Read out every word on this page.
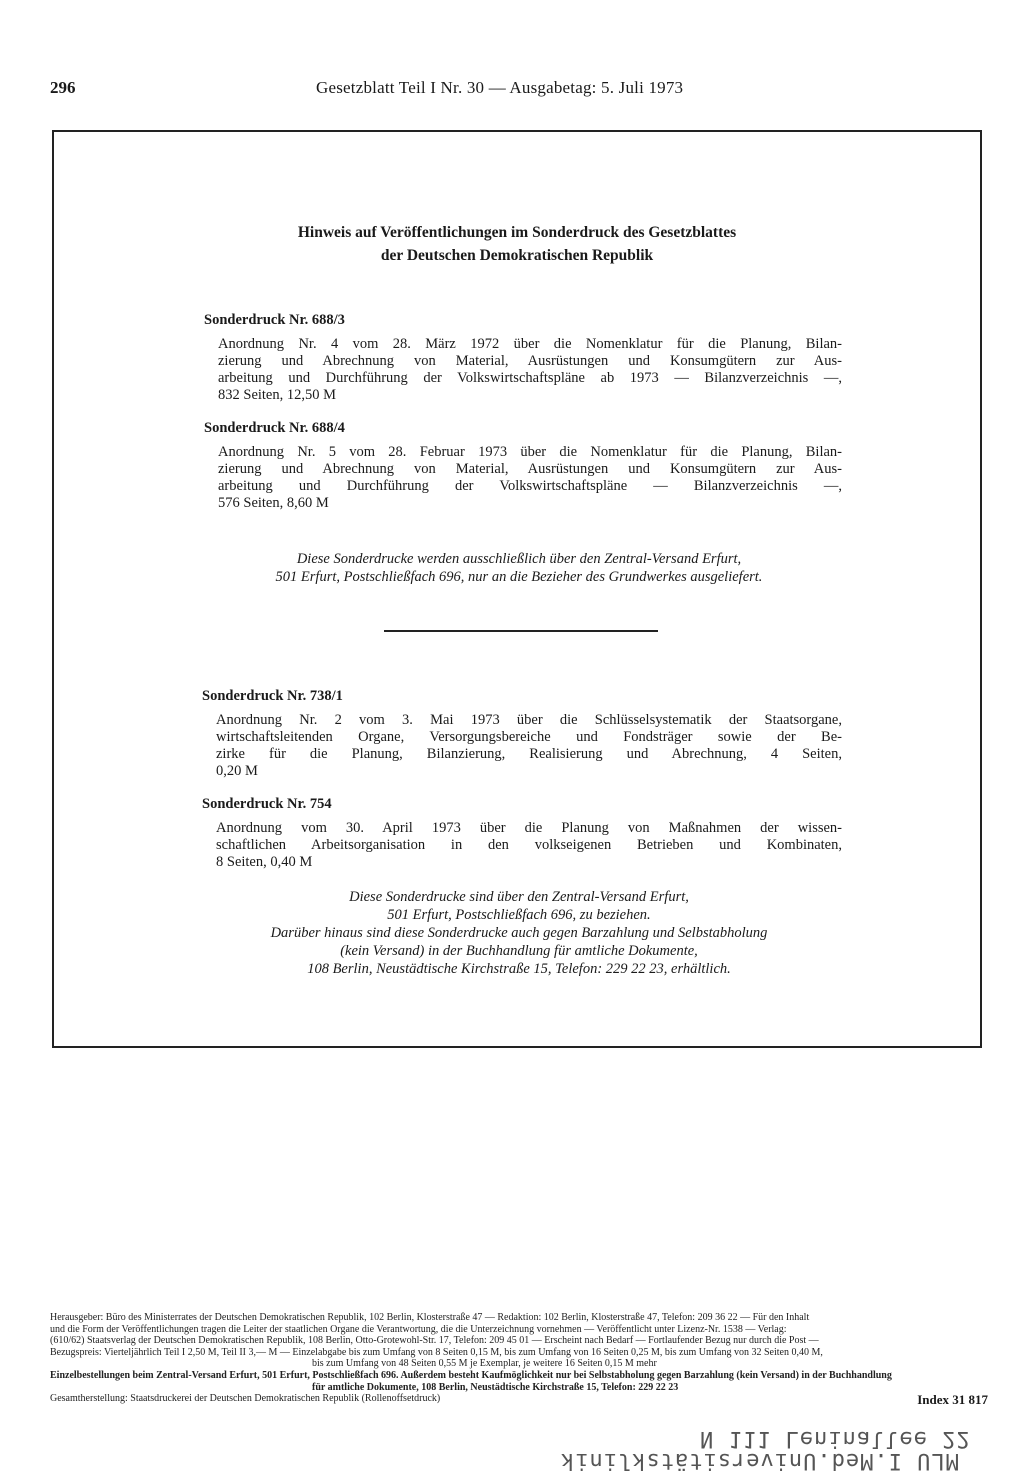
296	Gesetzblatt Teil I Nr. 30 — Ausgabetag: 5. Juli 1973
Hinweis auf Veröffentlichungen im Sonderdruck des Gesetzblattes
der Deutschen Demokratischen Republik
Sonderdruck Nr. 688/3
Anordnung Nr. 4 vom 28. März 1972 über die Nomenklatur für die Planung, Bilan-
zierung und Abrechnung von Material, Ausrüstungen und Konsumgütern zur Aus-
arbeitung und Durchführung der Volkswirtschaftspläne ab 1973 — Bilanzverzeichnis —,
832 Seiten, 12,50 M
Sonderdruck Nr. 688/4
Anordnung Nr. 5 vom 28. Februar 1973 über die Nomenklatur für die Planung, Bilan-
zierung und Abrechnung von Material, Ausrüstungen und Konsumgütern zur Aus-
arbeitung und Durchführung der Volkswirtschaftspläne — Bilanzverzeichnis —,
576 Seiten, 8,60 M
Diese Sonderdrucke werden ausschließlich über den Zentral-Versand Erfurt,
501 Erfurt, Postschließfach 696, nur an die Bezieher des Grundwerkes ausgeliefert.
Sonderdruck Nr. 738/1
Anordnung Nr. 2 vom 3. Mai 1973 über die Schlüsselsystematik der Staatsorgane,
wirtschaftsleitenden Organe, Versorgungsbereiche und Fondsträger sowie der Be-
zirke für die Planung, Bilanzierung, Realisierung und Abrechnung, 4 Seiten,
0,20 M
Sonderdruck Nr. 754
Anordnung vom 30. April 1973 über die Planung von Maßnahmen der wissen-
schaftlichen Arbeitsorganisation in den volkseigenen Betrieben und Kombinaten,
8 Seiten, 0,40 M
Diese Sonderdrucke sind über den Zentral-Versand Erfurt,
501 Erfurt, Postschließfach 696, zu beziehen.
Darüber hinaus sind diese Sonderdrucke auch gegen Barzahlung und Selbstabholung
(kein Versand) in der Buchhandlung für amtliche Dokumente,
108 Berlin, Neustädtische Kirchstraße 15, Telefon: 229 22 23, erhältlich.
Herausgeber: Büro des Ministerrates der Deutschen Demokratischen Republik, 102 Berlin, Klosterstraße 47 — Redaktion: 102 Berlin, Klosterstraße 47, Telefon: 209 36 22 — Für den Inhalt
und die Form der Veröffentlichungen tragen die Leiter der staatlichen Organe die Verantwortung, die die Unterzeichnung vornehmen — Veröffentlicht unter Lizenz-Nr. 1538 — Verlag:
(610/62) Staatsverlag der Deutschen Demokratischen Republik, 108 Berlin, Otto-Grotewohl-Str. 17, Telefon: 209 45 01 — Erscheint nach Bedarf — Fortlaufender Bezug nur durch die Post —
Bezugspreis: Vierteljährlich Teil I 2,50 M, Teil II 3,— M — Einzelabgabe bis zum Umfang von 8 Seiten 0,15 M, bis zum Umfang von 16 Seiten 0,25 M, bis zum Umfang von 32 Seiten 0,40 M,
bis zum Umfang von 48 Seiten 0,55 M je Exemplar, je weitere 16 Seiten 0,15 M mehr
Einzelbestellungen beim Zentral-Versand Erfurt, 501 Erfurt, Postschließfach 696. Außerdem besteht Kaufmöglichkeit nur bei Selbstabholung gegen Barzahlung (kein Versand) in der Buchhandlung
für amtliche Dokumente, 108 Berlin, Neustädtische Kirchstraße 15, Telefon: 229 22 23
Gesamtherstellung: Staatsdruckerei der Deutschen Demokratischen Republik (Rollenoffsetdruck)	Index 31 817
N 111 Leninallee 22
MLU I.Med.Universitätsklinik
